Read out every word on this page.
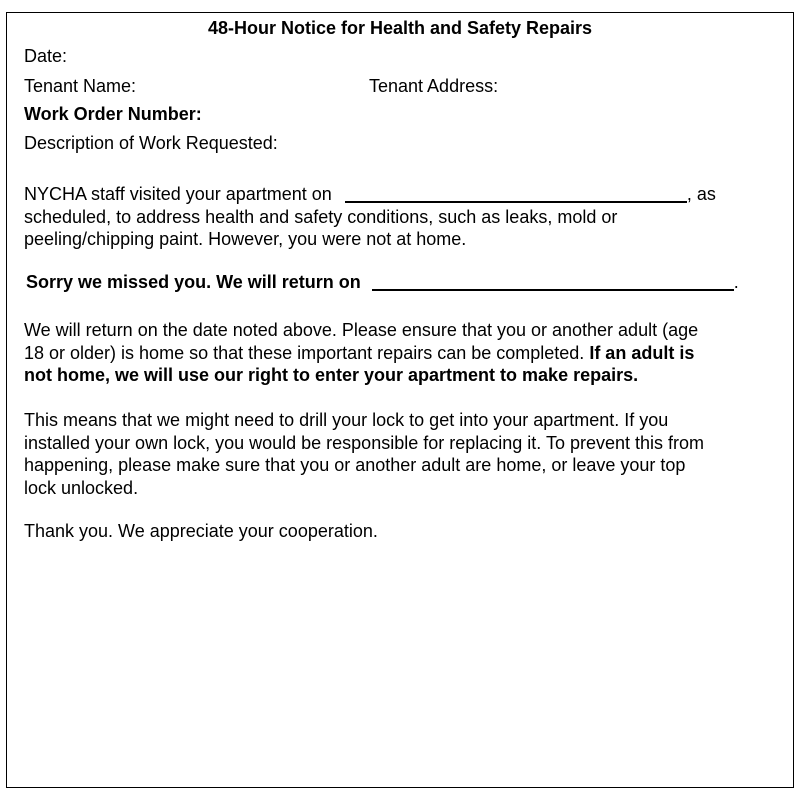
48-Hour Notice for Health and Safety Repairs
Date:
Tenant Name:	Tenant Address:
Work Order Number:
Description of Work Requested:
NYCHA staff visited your apartment on	, as
scheduled, to address health and safety conditions, such as leaks, mold or
peeling/chipping paint. However, you were not at home.
Sorry we missed you. We will return on	.
We will return on the date noted above. Please ensure that you or another adult (age
18 or older) is home so that these important repairs can be completed. If an adult is
not home, we will use our right to enter your apartment to make repairs.
This means that we might need to drill your lock to get into your apartment. If you
installed your own lock, you would be responsible for replacing it. To prevent this from
happening, please make sure that you or another adult are home, or leave your top
lock unlocked.
Thank you. We appreciate your cooperation.
